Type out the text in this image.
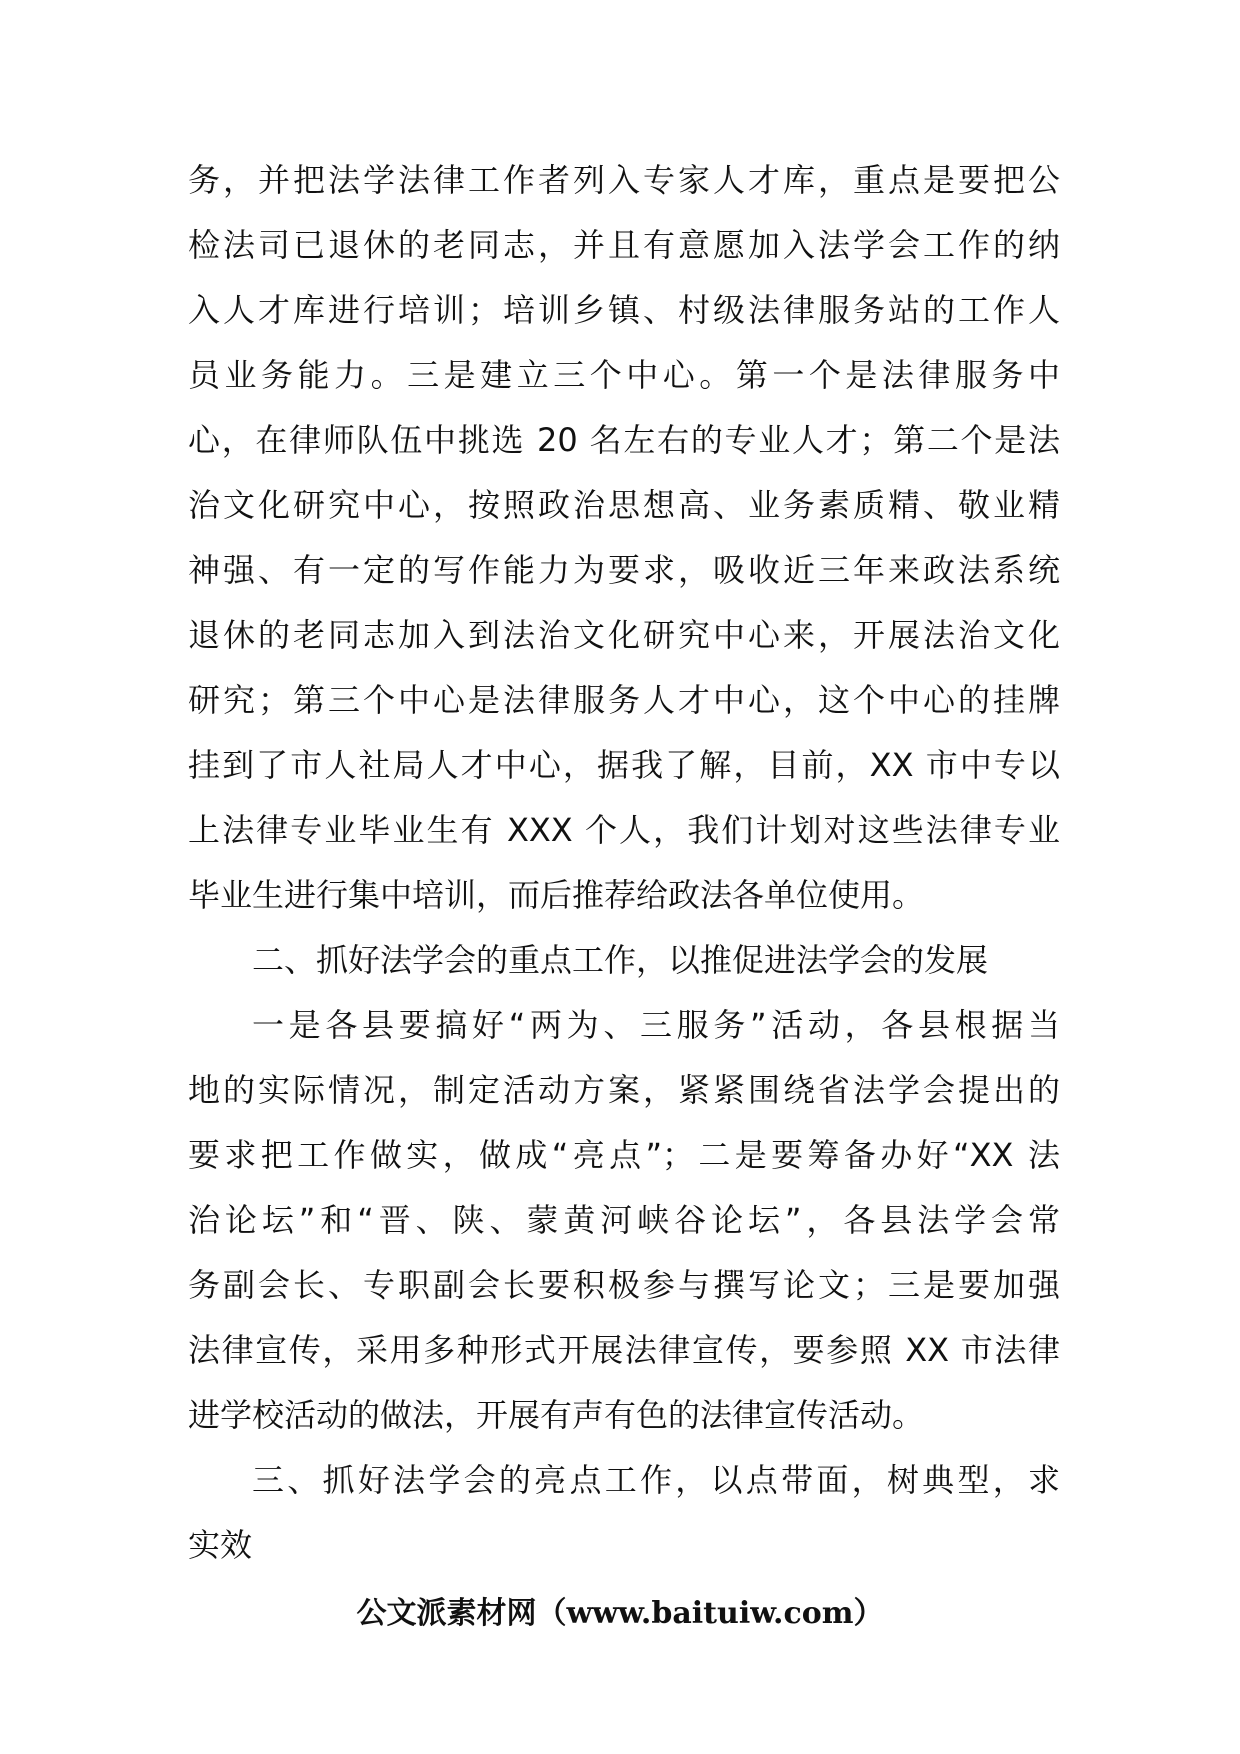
务，并把法学法律工作者列入专家人才库，重点是要把公
检法司已退休的老同志，并且有意愿加入法学会工作的纳
入人才库进行培训；培训乡镇、村级法律服务站的工作人
员业务能力。三是建立三个中心。第一个是法律服务中
心，在律师队伍中挑选 20 名左右的专业人才；第二个是法
治文化研究中心，按照政治思想高、业务素质精、敬业精
神强、有一定的写作能力为要求，吸收近三年来政法系统
退休的老同志加入到法治文化研究中心来，开展法治文化
研究；第三个中心是法律服务人才中心，这个中心的挂牌
挂到了市人社局人才中心，据我了解，目前，XX 市中专以
上法律专业毕业生有 XXX 个人，我们计划对这些法律专业
毕业生进行集中培训，而后推荐给政法各单位使用。
二、抓好法学会的重点工作，以推促进法学会的发展
一是各县要搞好“两为、三服务”活动，各县根据当
地的实际情况，制定活动方案，紧紧围绕省法学会提出的
要求把工作做实，做成“亮点”；二是要筹备办好“XX 法
治论坛”和“晋、陕、蒙黄河峡谷论坛”，各县法学会常
务副会长、专职副会长要积极参与撰写论文；三是要加强
法律宣传，采用多种形式开展法律宣传，要参照 XX 市法律
进学校活动的做法，开展有声有色的法律宣传活动。
三、抓好法学会的亮点工作，以点带面，树典型，求
实效
公文派素材网（www.baituiw.com）
